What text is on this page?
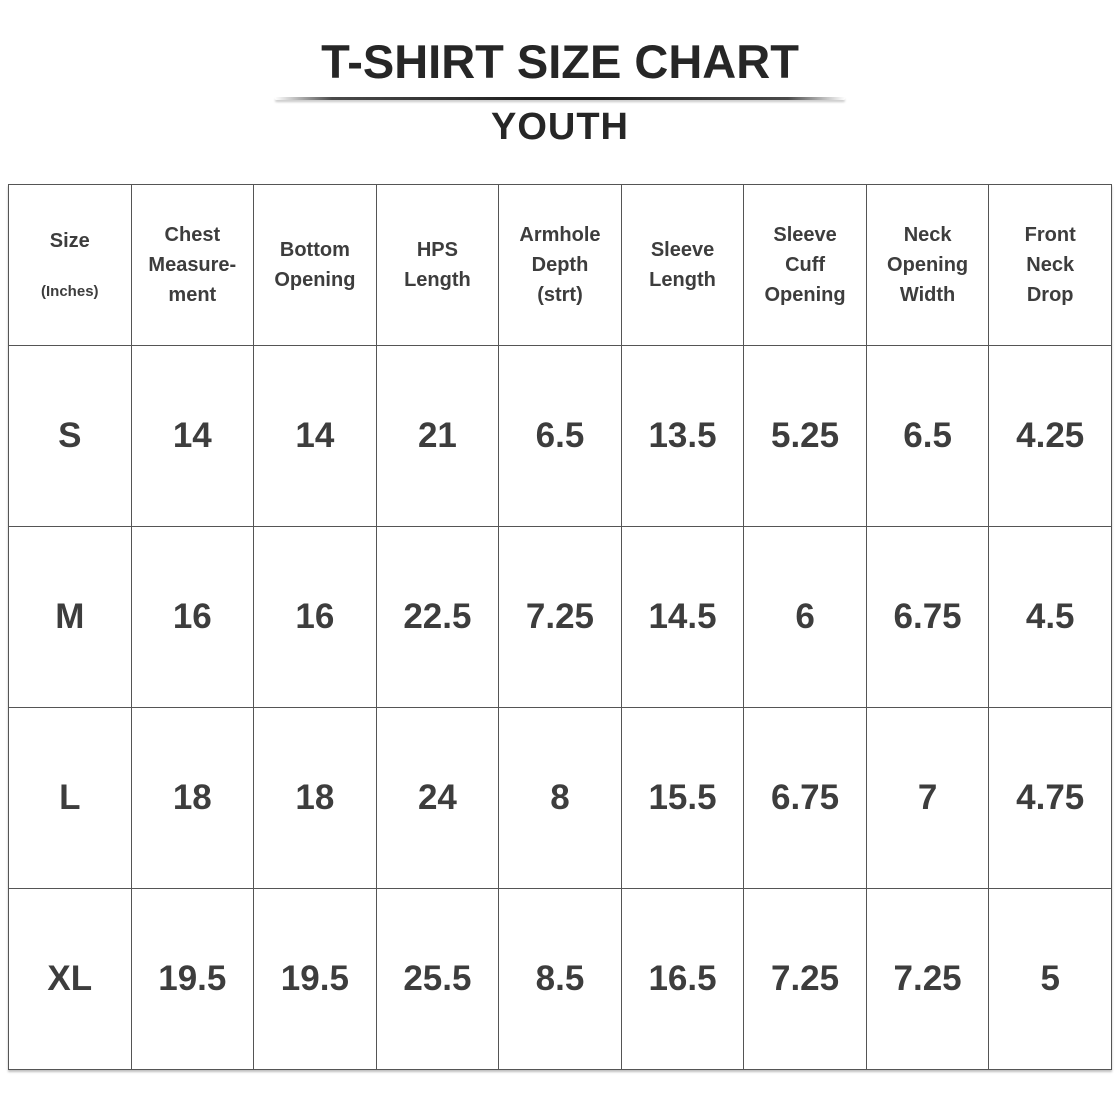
T-SHIRT SIZE CHART
YOUTH

Size

(Inches)

	Chest
Measure-
ment	Bottom
Opening	HPS
Length	Armhole
Depth
(strt)	Sleeve
Length	Sleeve
Cuff
Opening	Neck
Opening
Width	Front
Neck
Drop
S	14	14	21	6.5	13.5	5.25	6.5	4.25
M	16	16	22.5	7.25	14.5	6	6.75	4.5
L	18	18	24	8	15.5	6.75	7	4.75
XL	19.5	19.5	25.5	8.5	16.5	7.25	7.25	5
